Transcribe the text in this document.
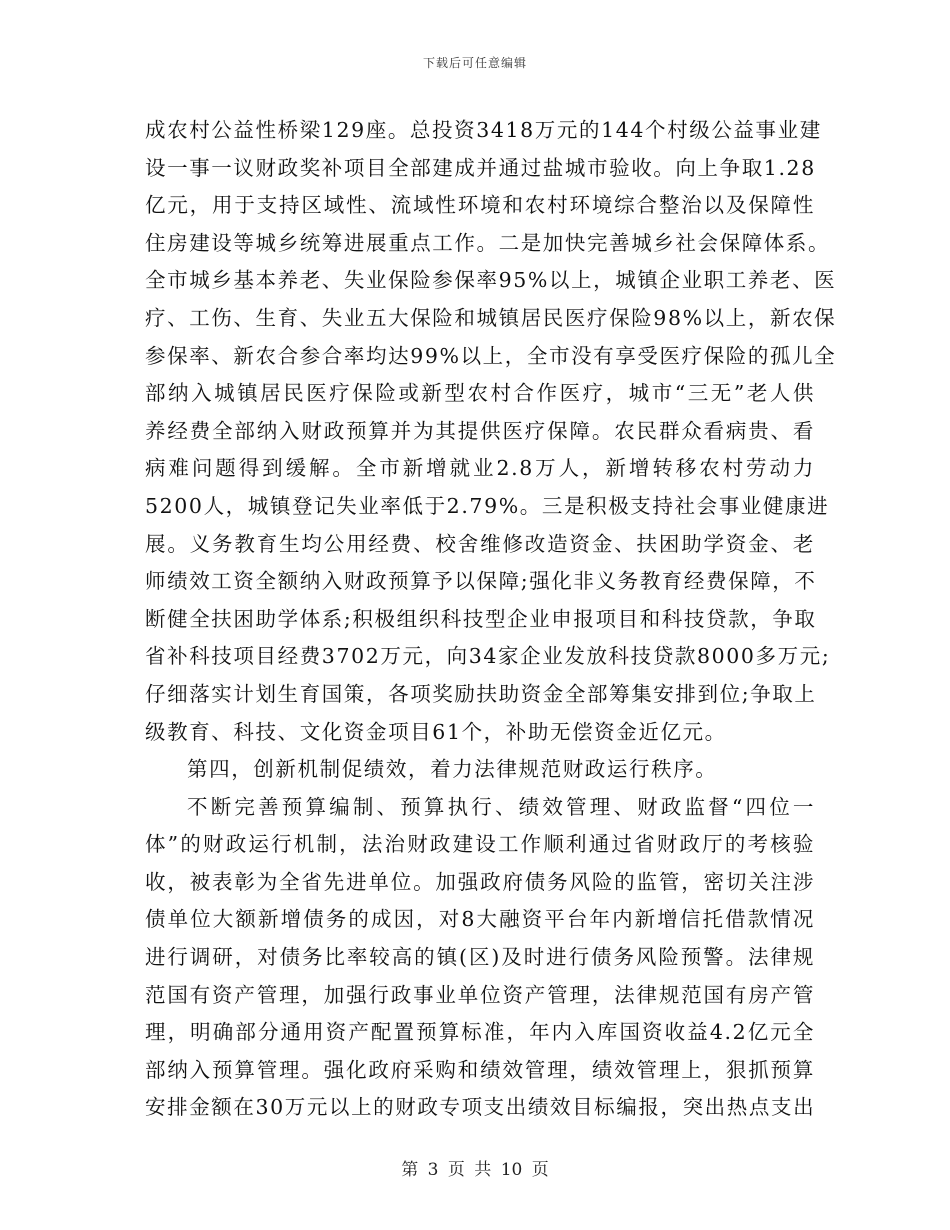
下载后可任意编辑
成农村公益性桥梁129座。总投资3418万元的144个村级公益事业建
设一事一议财政奖补项目全部建成并通过盐城市验收。向上争取1.28
亿元，用于支持区域性、流域性环境和农村环境综合整治以及保障性
住房建设等城乡统筹进展重点工作。二是加快完善城乡社会保障体系。
全市城乡基本养老、失业保险参保率95%以上，城镇企业职工养老、医
疗、工伤、生育、失业五大保险和城镇居民医疗保险98%以上，新农保
参保率、新农合参合率均达99%以上，全市没有享受医疗保险的孤儿全
部纳入城镇居民医疗保险或新型农村合作医疗，城市“三无”老人供
养经费全部纳入财政预算并为其提供医疗保障。农民群众看病贵、看
病难问题得到缓解。全市新增就业2.8万人，新增转移农村劳动力
5200人，城镇登记失业率低于2.79%。三是积极支持社会事业健康进
展。义务教育生均公用经费、校舍维修改造资金、扶困助学资金、老
师绩效工资全额纳入财政预算予以保障;强化非义务教育经费保障，不
断健全扶困助学体系;积极组织科技型企业申报项目和科技贷款，争取
省补科技项目经费3702万元，向34家企业发放科技贷款8000多万元;
仔细落实计划生育国策，各项奖励扶助资金全部筹集安排到位;争取上
级教育、科技、文化资金项目61个，补助无偿资金近亿元。
第四，创新机制促绩效，着力法律规范财政运行秩序。
不断完善预算编制、预算执行、绩效管理、财政监督“四位一
体”的财政运行机制，法治财政建设工作顺利通过省财政厅的考核验
收，被表彰为全省先进单位。加强政府债务风险的监管，密切关注涉
债单位大额新增债务的成因，对8大融资平台年内新增信托借款情况
进行调研，对债务比率较高的镇(区)及时进行债务风险预警。法律规
范国有资产管理，加强行政事业单位资产管理，法律规范国有房产管
理，明确部分通用资产配置预算标准，年内入库国资收益4.2亿元全
部纳入预算管理。强化政府采购和绩效管理，绩效管理上，狠抓预算
安排金额在30万元以上的财政专项支出绩效目标编报，突出热点支出
第 3 页 共 10 页
